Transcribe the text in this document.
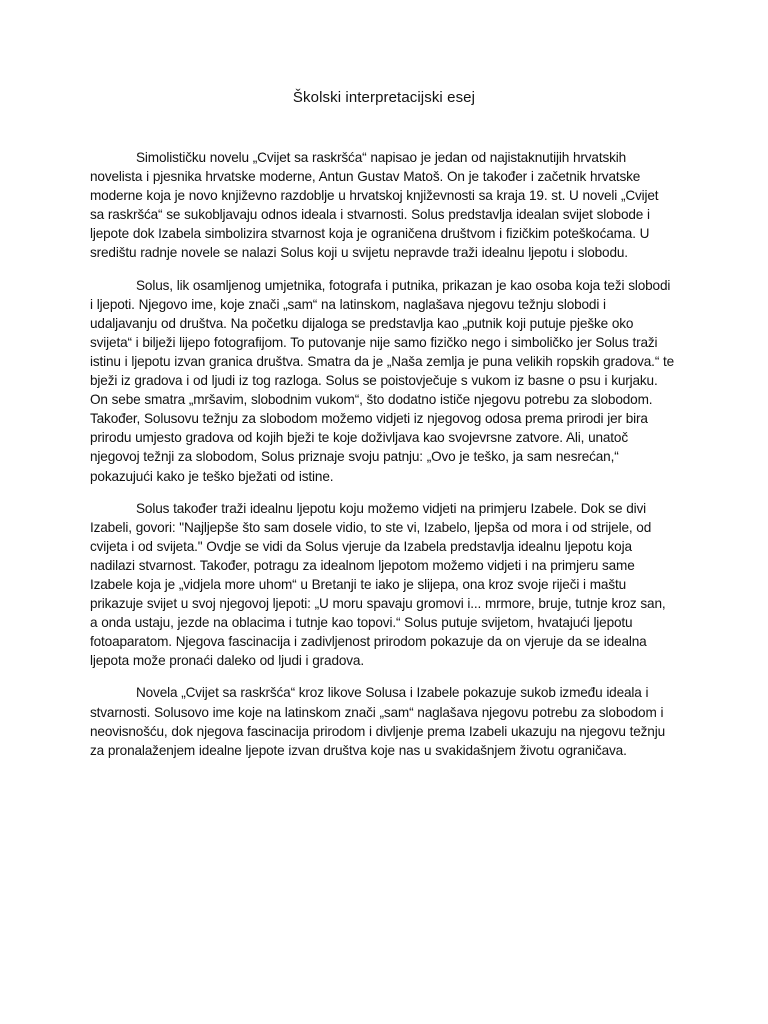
Školski interpretacijski esej

Simolističku novelu „Cvijet sa raskršća“ napisao je jedan od najistaknutijih hrvatskih novelista i pjesnika hrvatske moderne, Antun Gustav Matoš. On je također i začetnik hrvatske moderne koja je novo književno razdoblje u hrvatskoj književnosti sa kraja 19. st. U noveli „Cvijet sa raskršća“ se sukobljavaju odnos ideala i stvarnosti. Solus predstavlja idealan svijet slobode i ljepote dok Izabela simbolizira stvarnost koja je ograničena društvom i fizičkim poteškoćama. U središtu radnje novele se nalazi Solus koji u svijetu nepravde traži idealnu ljepotu i slobodu.

Solus, lik osamljenog umjetnika, fotografa i putnika, prikazan je kao osoba koja teži slobodi i ljepoti. Njegovo ime, koje znači „sam“ na latinskom, naglašava njegovu težnju slobodi i udaljavanju od društva. Na početku dijaloga se predstavlja kao „putnik koji putuje pješke oko svijeta“ i bilježi lijepo fotografijom. To putovanje nije samo fizičko nego i simboličko jer Solus traži istinu i ljepotu izvan granica društva. Smatra da je „Naša zemlja je puna velikih ropskih gradova.“ te bježi iz gradova i od ljudi iz tog razloga. Solus se poistovječuje s vukom iz basne o psu i kurjaku. On sebe smatra „mršavim, slobodnim vukom“, što dodatno ističe njegovu potrebu za slobodom. Također, Solusovu težnju za slobodom možemo vidjeti iz njegovog odosa prema prirodi jer bira prirodu umjesto gradova od kojih bježi te koje doživljava kao svojevrsne zatvore. Ali, unatoč njegovoj težnji za slobodom, Solus priznaje svoju patnju: „Ovo je teško, ja sam nesrećan,“ pokazujući kako je teško bježati od istine.

Solus također traži idealnu ljepotu koju možemo vidjeti na primjeru Izabele. Dok se divi Izabeli, govori: "Najljepše što sam dosele vidio, to ste vi, Izabelo, ljepša od mora i od strijele, od cvijeta i od svijeta." Ovdje se vidi da Solus vjeruje da Izabela predstavlja idealnu ljepotu koja nadilazi stvarnost. Također, potragu za idealnom ljepotom možemo vidjeti i na primjeru same Izabele koja je „vidjela more uhom“ u Bretanji te iako je slijepa, ona kroz svoje riječi i maštu prikazuje svijet u svoj njegovoj ljepoti: „U moru spavaju gromovi i... mrmore, bruje, tutnje kroz san, a onda ustaju, jezde na oblacima i tutnje kao topovi.“ Solus putuje svijetom, hvatajući ljepotu fotoaparatom. Njegova fascinacija i zadivljenost prirodom pokazuje da on vjeruje da se idealna ljepota može pronaći daleko od ljudi i gradova.

Novela „Cvijet sa raskršća“ kroz likove Solusa i Izabele pokazuje sukob između ideala i stvarnosti. Solusovo ime koje na latinskom znači „sam“ naglašava njegovu potrebu za slobodom i neovisnošću, dok njegova fascinacija prirodom i divljenje prema Izabeli ukazuju na njegovu težnju za pronalaženjem idealne ljepote izvan društva koje nas u svakidašnjem životu ograničava.
